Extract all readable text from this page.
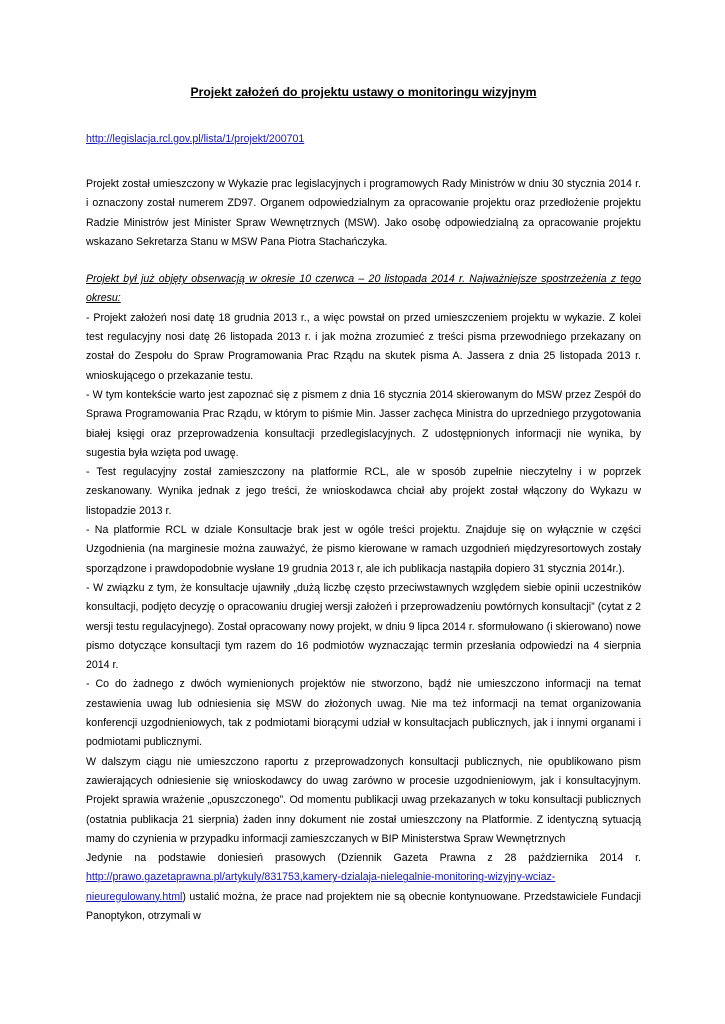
Projekt założeń do projektu ustawy o monitoringu wizyjnym
http://legislacja.rcl.gov.pl/lista/1/projekt/200701

Projekt został umieszczony w Wykazie prac legislacyjnych i programowych Rady Ministrów w dniu 30 stycznia 2014 r. i oznaczony został numerem ZD97. Organem odpowiedzialnym za opracowanie projektu oraz przedłożenie projektu Radzie Ministrów jest Minister Spraw Wewnętrznych (MSW). Jako osobę odpowiedzialną za opracowanie projektu wskazano Sekretarza Stanu w MSW Pana Piotra Stachańczyka.

Projekt był już objęty obserwacją w okresie 10 czerwca – 20 listopada 2014 r. Najważniejsze spostrzeżenia z tego okresu:

- Projekt założeń nosi datę 18 grudnia 2013 r., a więc powstał on przed umieszczeniem projektu w wykazie. Z kolei test regulacyjny nosi datę 26 listopada 2013 r. i jak można zrozumieć z treści pisma przewodniego przekazany on został do Zespołu do Spraw Programowania Prac Rządu na skutek pisma A. Jassera z dnia 25 listopada 2013 r. wnioskującego o przekazanie testu.

- W tym kontekście warto jest zapoznać się z pismem z dnia 16 stycznia 2014 skierowanym do MSW przez Zespół do Sprawa Programowania Prac Rządu, w którym to piśmie Min. Jasser zachęca Ministra do uprzedniego przygotowania białej księgi oraz przeprowadzenia konsultacji przedlegislacyjnych. Z udostępnionych informacji nie wynika, by sugestia była wzięta pod uwagę.

- Test regulacyjny został zamieszczony na platformie RCL, ale w sposób zupełnie nieczytelny i w poprzek zeskanowany. Wynika jednak z jego treści, że wnioskodawca chciał aby projekt został włączony do Wykazu w listopadzie 2013 r.

- Na platformie RCL w dziale Konsultacje brak jest w ogóle treści projektu. Znajduje się on wyłącznie w części Uzgodnienia (na marginesie można zauważyć, że pismo kierowane w ramach uzgodnień międzyresortowych zostały sporządzone i prawdopodobnie wysłane 19 grudnia 2013 r, ale ich publikacja nastąpiła dopiero 31 stycznia 2014r.).

- W związku z tym, że konsultacje ujawniły „dużą liczbę często przeciwstawnych względem siebie opinii uczestników konsultacji, podjęto decyzję o opracowaniu drugiej wersji założeń i przeprowadzeniu powtórnych konsultacji” (cytat z 2 wersji testu regulacyjnego). Został opracowany nowy projekt, w dniu 9 lipca 2014 r. sformułowano (i skierowano) nowe pismo dotyczące konsultacji tym razem do 16 podmiotów wyznaczając termin przesłania odpowiedzi na 4 sierpnia 2014 r.

- Co do żadnego z dwóch wymienionych projektów nie stworzono, bądź nie umieszczono informacji na temat zestawienia uwag lub odniesienia się MSW do złożonych uwag. Nie ma też informacji na temat organizowania konferencji uzgodnieniowych, tak z podmiotami biorącymi udział w konsultacjach publicznych, jak i innymi organami i podmiotami publicznymi.

W dalszym ciągu nie umieszczono raportu z przeprowadzonych konsultacji publicznych, nie opublikowano pism zawierających odniesienie się wnioskodawcy do uwag zarówno w procesie uzgodnieniowym, jak i konsultacyjnym. Projekt sprawia wrażenie „opuszczonego”. Od momentu publikacji uwag przekazanych w toku konsultacji publicznych (ostatnia publikacja 21 sierpnia) żaden inny dokument nie został umieszczony na Platformie. Z identyczną sytuacją mamy do czynienia w przypadku informacji zamieszczanych w BIP Ministerstwa Spraw Wewnętrznych

Jedynie na podstawie doniesień prasowych (Dziennik Gazeta Prawna z 28 października 2014 r. http://prawo.gazetaprawna.pl/artykuly/831753,kamery-dzialaja-nielegalnie-monitoring-wizyjny-wciaz-nieuregulowany.html) ustalić można, że prace nad projektem nie są obecnie kontynuowane. Przedstawiciele Fundacji Panoptykon, otrzymali w
